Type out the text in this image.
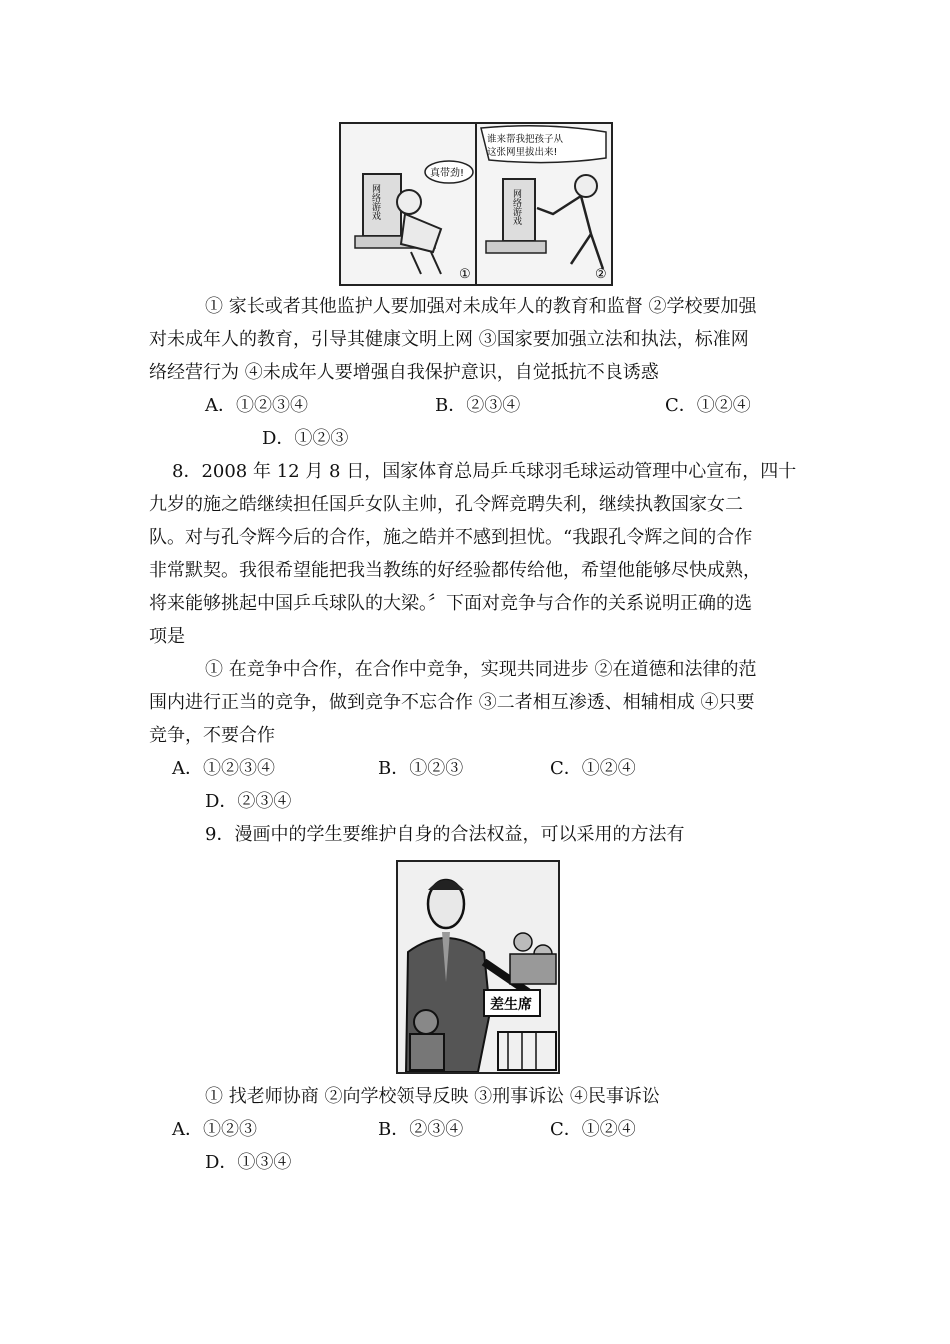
网络游戏
真带劲!
①
网络游戏
谁来帮我把孩子从
这张网里拔出来!
②
① 家长或者其他监护人要加强对未成年人的教育和监督 ②学校要加强
对未成年人的教育，引导其健康文明上网 ③国家要加强立法和执法，标准网
络经营行为 ④未成年人要增强自我保护意识，自觉抵抗不良诱惑
A．①②③④	B．②③④	C．①②④
D．①②③
8．2008 年 12 月 8 日，国家体育总局乒乓球羽毛球运动管理中心宣布，四十
九岁的施之皓继续担任国乒女队主帅，孔令辉竞聘失利，继续执教国家女二
队。对与孔令辉今后的合作，施之皓并不感到担忧。“我跟孔令辉之间的合作
非常默契。我很希望能把我当教练的好经验都传给他，希望他能够尽快成熟，
将来能够挑起中国乒乓球队的大梁。〞下面对竞争与合作的关系说明正确的选
项是
① 在竞争中合作，在合作中竞争，实现共同进步 ②在道德和法律的范
围内进行正当的竞争，做到竞争不忘合作 ③二者相互渗透、相辅相成 ④只要
竞争，不要合作
A．①②③④	B．①②③	C．①②④
D．②③④
9．漫画中的学生要维护自身的合法权益，可以采用的方法有
差生席
① 找老师协商 ②向学校领导反映 ③刑事诉讼 ④民事诉讼
A．①②③	B．②③④	C．①②④
D．①③④
